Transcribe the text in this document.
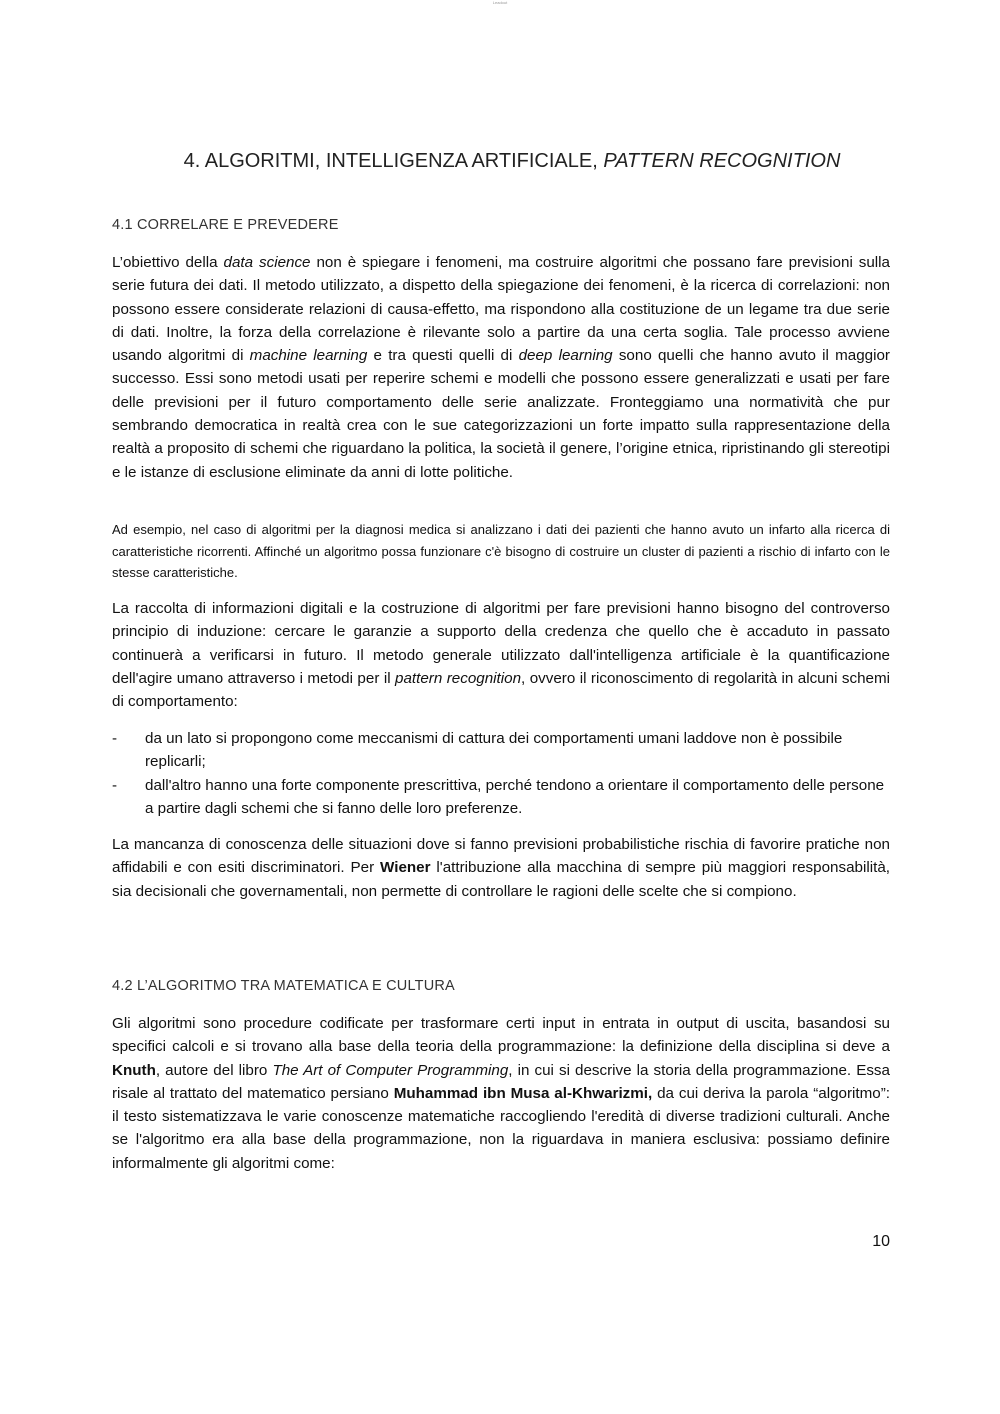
Leadout
4. ALGORITMI, INTELLIGENZA ARTIFICIALE, PATTERN RECOGNITION
4.1 CORRELARE E PREVEDERE

L’obiettivo della data science non è spiegare i fenomeni, ma costruire algoritmi che possano fare previsioni sulla serie futura dei dati. Il metodo utilizzato, a dispetto della spiegazione dei fenomeni, è la ricerca di correlazioni: non possono essere considerate relazioni di causa-effetto, ma rispondono alla costituzione de un legame tra due serie di dati. Inoltre, la forza della correlazione è rilevante solo a partire da una certa soglia. Tale processo avviene usando algoritmi di machine learning e tra questi quelli di deep learning sono quelli che hanno avuto il maggior successo. Essi sono metodi usati per reperire schemi e modelli che possono essere generalizzati e usati per fare delle previsioni per il futuro comportamento delle serie analizzate. Fronteggiamo una normatività che pur sembrando democratica in realtà crea con le sue categorizzazioni un forte impatto sulla rappresentazione della realtà a proposito di schemi che riguardano la politica, la società il genere, l’origine etnica, ripristinando gli stereotipi e le istanze di esclusione eliminate da anni di lotte politiche.

Ad esempio, nel caso di algoritmi per la diagnosi medica si analizzano i dati dei pazienti che hanno avuto un infarto alla ricerca di caratteristiche ricorrenti. Affinché un algoritmo possa funzionare c'è bisogno di costruire un cluster di pazienti a rischio di infarto con le stesse caratteristiche.

La raccolta di informazioni digitali e la costruzione di algoritmi per fare previsioni hanno bisogno del controverso principio di induzione: cercare le garanzie a supporto della credenza che quello che è accaduto in passato continuerà a verificarsi in futuro. Il metodo generale utilizzato dall'intelligenza artificiale è la quantificazione dell'agire umano attraverso i metodi per il pattern recognition, ovvero il riconoscimento di regolarità in alcuni schemi di comportamento:

- da un lato si propongono come meccanismi di cattura dei comportamenti umani laddove non è possibile replicarli;
- dall'altro hanno una forte componente prescrittiva, perché tendono a orientare il comportamento delle persone a partire dagli schemi che si fanno delle loro preferenze.

La mancanza di conoscenza delle situazioni dove si fanno previsioni probabilistiche rischia di favorire pratiche non affidabili e con esiti discriminatori. Per Wiener l'attribuzione alla macchina di sempre più maggiori responsabilità, sia decisionali che governamentali, non permette di controllare le ragioni delle scelte che si compiono.

4.2 L’ALGORITMO TRA MATEMATICA E CULTURA

Gli algoritmi sono procedure codificate per trasformare certi input in entrata in output di uscita, basandosi su specifici calcoli e si trovano alla base della teoria della programmazione: la definizione della disciplina si deve a Knuth, autore del libro The Art of Computer Programming, in cui si descrive la storia della programmazione. Essa risale al trattato del matematico persiano Muhammad ibn Musa al-Khwarizmi, da cui deriva la parola “algoritmo”: il testo sistematizzava le varie conoscenze matematiche raccogliendo l'eredità di diverse tradizioni culturali. Anche se l'algoritmo era alla base della programmazione, non la riguardava in maniera esclusiva: possiamo definire informalmente gli algoritmi come:

10
